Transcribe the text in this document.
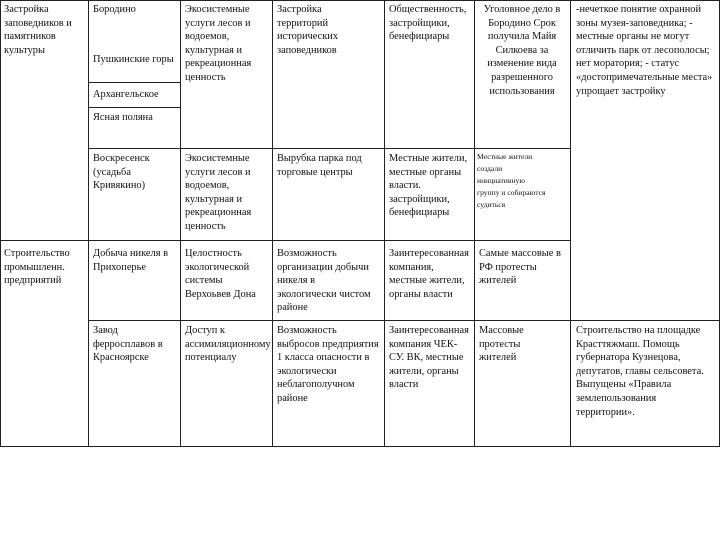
Застройка заповедников и памятников культуры

Бородино

Пушкинские горы

Архангельское

Ясная поляна

Экосистемные услуги лесов и водоемов, культурная и рекреационная ценность

Застройка территорий исторических заповедников

Общественность, застройщики, бенефициары

Уголовное дело в Бородино Срок получила Майя Силкоева за изменение вида разрешенного использования

-нечеткое понятие охранной зоны музея-заповедника; - местные органы не могут отличить парк от лесополосы; нет моратория; - статус «достопримечательные места» упрощает застройку

Воскресенск (усадьба Кривякино)

Экосистемные услуги лесов и водоемов, культурная и рекреационная ценность

Вырубка парка под торговые центры

Местные жители, местные органы власти. застройщики, бенефициары

Местные жители создали инициативную группу и собираются судиться

Строительство промышленн. предприятий

Добыча никеля в Прихоперье

Целостность экологической системы Верхоьвев Дона

Возможность организации добычи никеля в экологически чистом районе

Заинтересованная компания, местные жители, органы власти

Самые массовые в РФ протесты жителей

Завод ферросплавов в Красноярске

Доступ к ассимиляционному потенциалу

Возможность выбросов предприятия 1 класса опасности в экологически неблагополучном районе

Заинтересованная компания ЧЕК-СУ. ВК, местные жители, органы власти

Массовые протесты жителей

Строительство на площадке Красттяжмаш. Помощь губернатора Кузнецова, депутатов, главы сельсовета. Выпущены «Правила землепользования территории».
